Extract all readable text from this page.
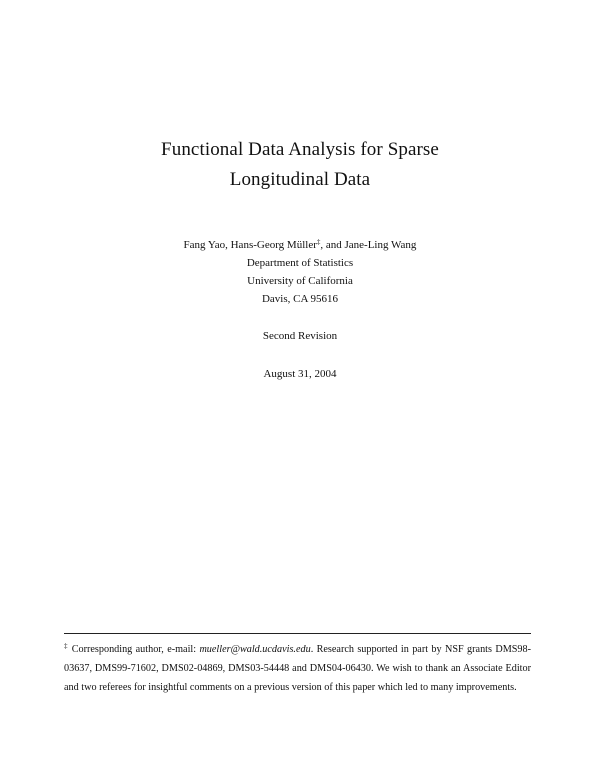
Functional Data Analysis for Sparse
Longitudinal Data
Fang Yao, Hans-Georg Müller‡, and Jane-Ling Wang
Department of Statistics
University of California
Davis, CA 95616
Second Revision
August 31, 2004
‡ Corresponding author, e-mail: mueller@wald.ucdavis.edu. Research supported in part by NSF grants DMS98-03637, DMS99-71602, DMS02-04869, DMS03-54448 and DMS04-06430. We wish to thank an Associate Editor and two referees for insightful comments on a previous version of this paper which led to many improvements.
